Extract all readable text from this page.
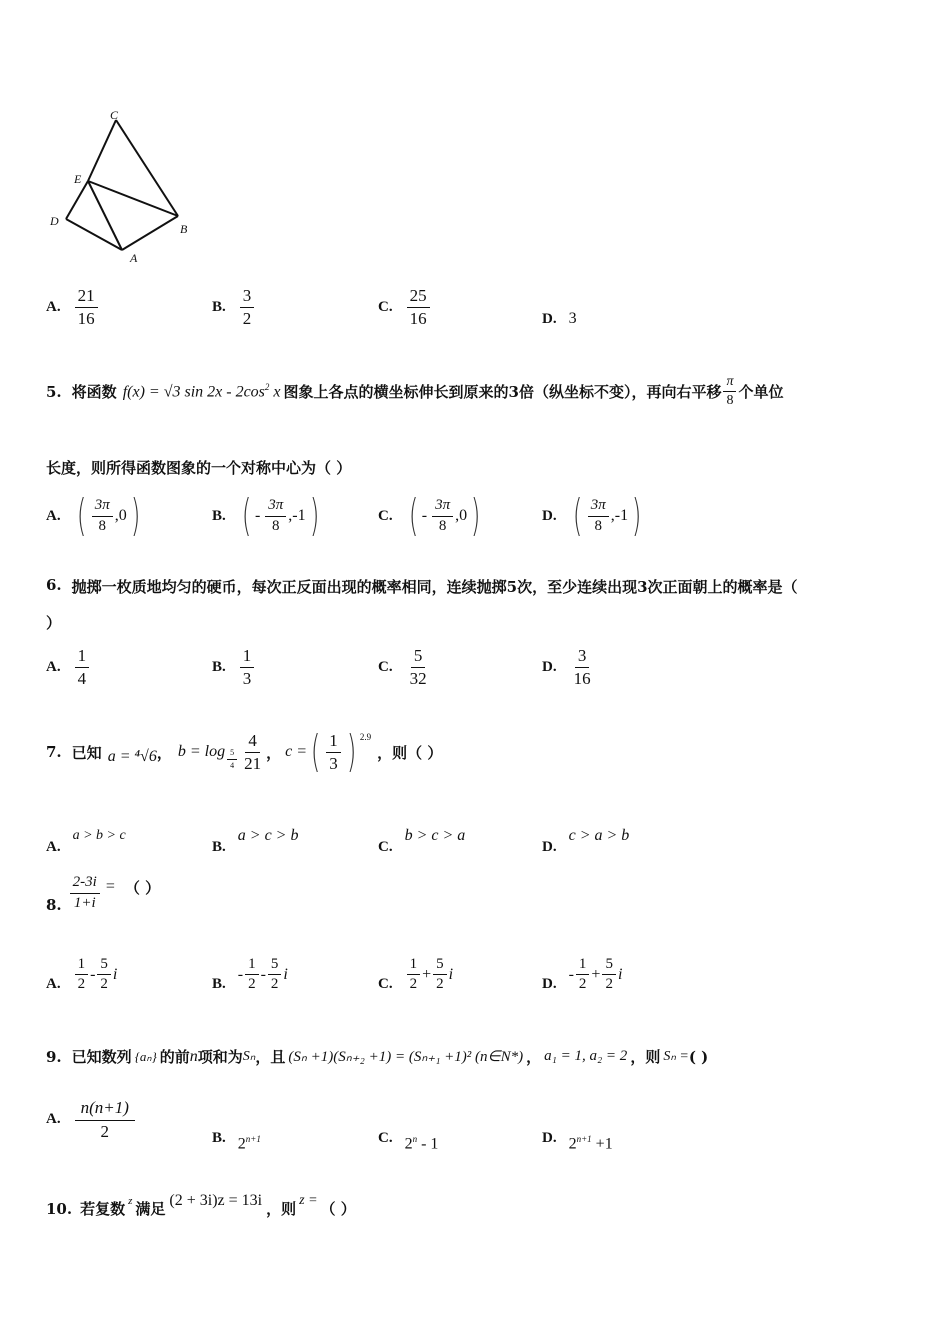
C
E
D
B
A
A. $\frac{21}{16}$	B. $\frac{3}{2}$	C. $\frac{25}{16}$	D. 3
5. 将函数 f(x) = √3 $\sin 2x - 2\cos^2$ x 图象上各点的横坐标伸长到原来的3倍（纵坐标不变），再向右平移 $\frac{\pi}{8}$ 个单位
长度，则所得函数图象的一个对称中心为（ ）
A. ( $\frac{3\pi}{8} ,0$ )	B. ( - $\frac{3\pi}{8} ,-1$ )	C. ( - $\frac{3\pi}{8} ,0$ )	D. ( $\frac{3\pi}{8} ,-1$ )
6. 抛掷一枚质地均匀的硬币，每次正反面出现的概率相同，连续抛掷5次，至少连续出现3次正面朝上的概率是（
）
A. $\frac{1}{4}$	B. $\frac{1}{3}$	C. $\frac{5}{32}$	D. $\frac{3}{16}$
7. 已知 a = ⁴√6 ， $b = \log \frac{5}{4} \frac{4}{21}$ ， c = ( $\frac{1}{3}$ ) 2.9
，则（ ）
A.
a > b > c
B.
a > c > b
C.
b > c > a
D.
c > a > b
8. $\frac{2-3i}{1+i}$ = （ ）
A. $\frac{1}{2} - \frac{5}{2}$ i
B.
- $\frac{1}{2} - \frac{5}{2}$ i
C. $\frac{1}{2} + \frac{5}{2}$ i
D.
- $\frac{1}{2} + \frac{5}{2}$ i
9. 已知数列 {aₙ} 的前 n 项和为 Sₙ ，且 (Sₙ +1)(Sₙ₊₂ +1) = (Sₙ₊₁ +1)² (n∈N*) ， a₁ = 1, a₂ = 2 ，则 Sₙ = ( )
A. $\frac{n(n+1)}{2}$	B. $2^{n+1}$	C. 2$^n$ - 1	D. $2^{n+1} +1$
10. 若复数 z 满足 (2 + 3i)z = 13i ，则 z = （ ）
